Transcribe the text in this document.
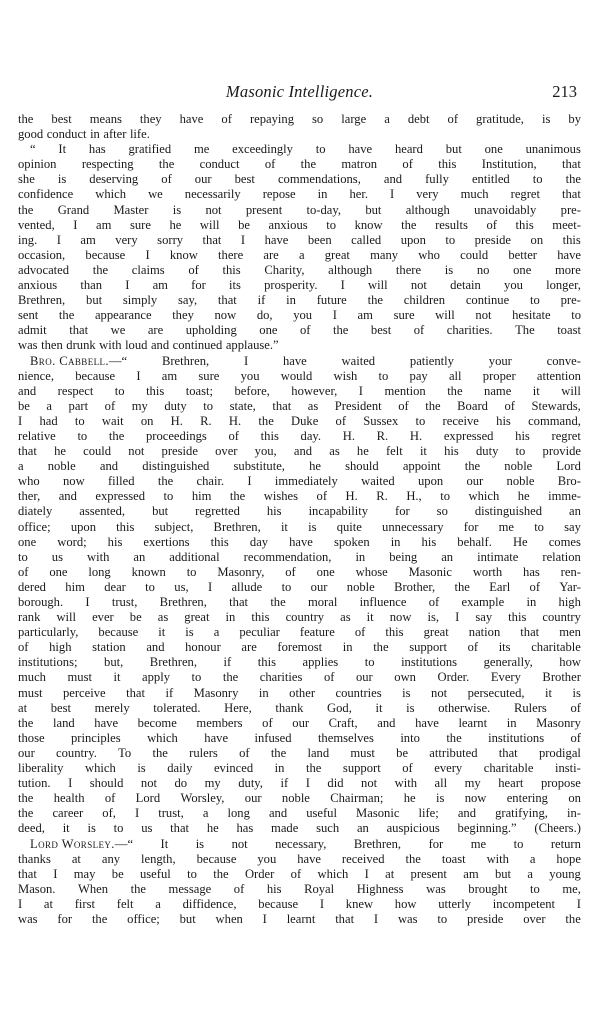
Masonic Intelligence.	213
the best means they have of repaying so large a debt of gratitude, is by
good conduct in after life.
“ It has gratified me exceedingly to have heard but one unanimous
opinion respecting the conduct of the matron of this Institution, that
she is deserving of our best commendations, and fully entitled to the
confidence which we necessarily repose in her. I very much regret that
the Grand Master is not present to-day, but although unavoidably pre-
vented, I am sure he will be anxious to know the results of this meet-
ing. I am very sorry that I have been called upon to preside on this
occasion, because I know there are a great many who could better have
advocated the claims of this Charity, although there is no one more
anxious than I am for its prosperity. I will not detain you longer,
Brethren, but simply say, that if in future the children continue to pre-
sent the appearance they now do, you I am sure will not hesitate to
admit that we are upholding one of the best of charities. The toast
was then drunk with loud and continued applause.”
Bro. Cabbell.—“	Brethren,	I	have	waited	patiently	your	conve-
nience, because I am sure you would wish to pay all proper attention
and respect to this toast; before, however, I mention the name it will
be a part of my duty to state, that as President of the Board of Stewards,
I had to wait on H. R. H. the Duke of Sussex to receive his command,
relative to the proceedings of this day. H. R. H. expressed his regret
that he could not preside over you, and as he felt it his duty to provide
a noble and distinguished substitute, he should appoint the noble Lord
who now filled the chair. I immediately waited upon our noble Bro-
ther, and expressed to him the wishes of H. R. H., to which he imme-
diately assented, but regretted his incapability for so distinguished an
office; upon this subject, Brethren, it is quite unnecessary for me to say
one word; his exertions this day have spoken in his behalf. He comes
to us with an additional recommendation, in being an intimate relation
of one long known to Masonry, of one whose Masonic worth has ren-
dered him dear to us, I allude to our noble Brother, the Earl of Yar-
borough. I trust, Brethren, that the moral influence of example in high
rank will ever be as great in this country as it now is, I say this country
particularly, because it is a peculiar feature of this great nation that men
of high station and honour are foremost in the support of its charitable
institutions; but, Brethren, if this applies to institutions generally, how
much must it apply to the charities of our own Order. Every Brother
must perceive that if Masonry in other countries is not persecuted, it is
at best merely tolerated. Here, thank God, it is otherwise. Rulers of
the land have become members of our Craft, and have learnt in Masonry
those principles which have infused themselves into the institutions of
our country. To the rulers of the land must be attributed that prodigal
liberality which is daily evinced in the support of every charitable insti-
tution. I should not do my duty, if I did not with all my heart propose
the health of Lord Worsley, our noble Chairman; he is now entering on
the career of, I trust, a long and useful Masonic life; and gratifying, in-
deed, it is to us that he has made such an auspicious beginning.” (Cheers.)
Lord Worsley.—“ It is not necessary, Brethren, for me to return
thanks at any length, because you have received the toast with a hope
that I may be useful to the Order of which I at present am but a young
Mason. When the message of his Royal Highness was brought to me,
I at first felt a diffidence, because I knew how utterly incompetent I
was for the office; but when I learnt that I was to preside over the
